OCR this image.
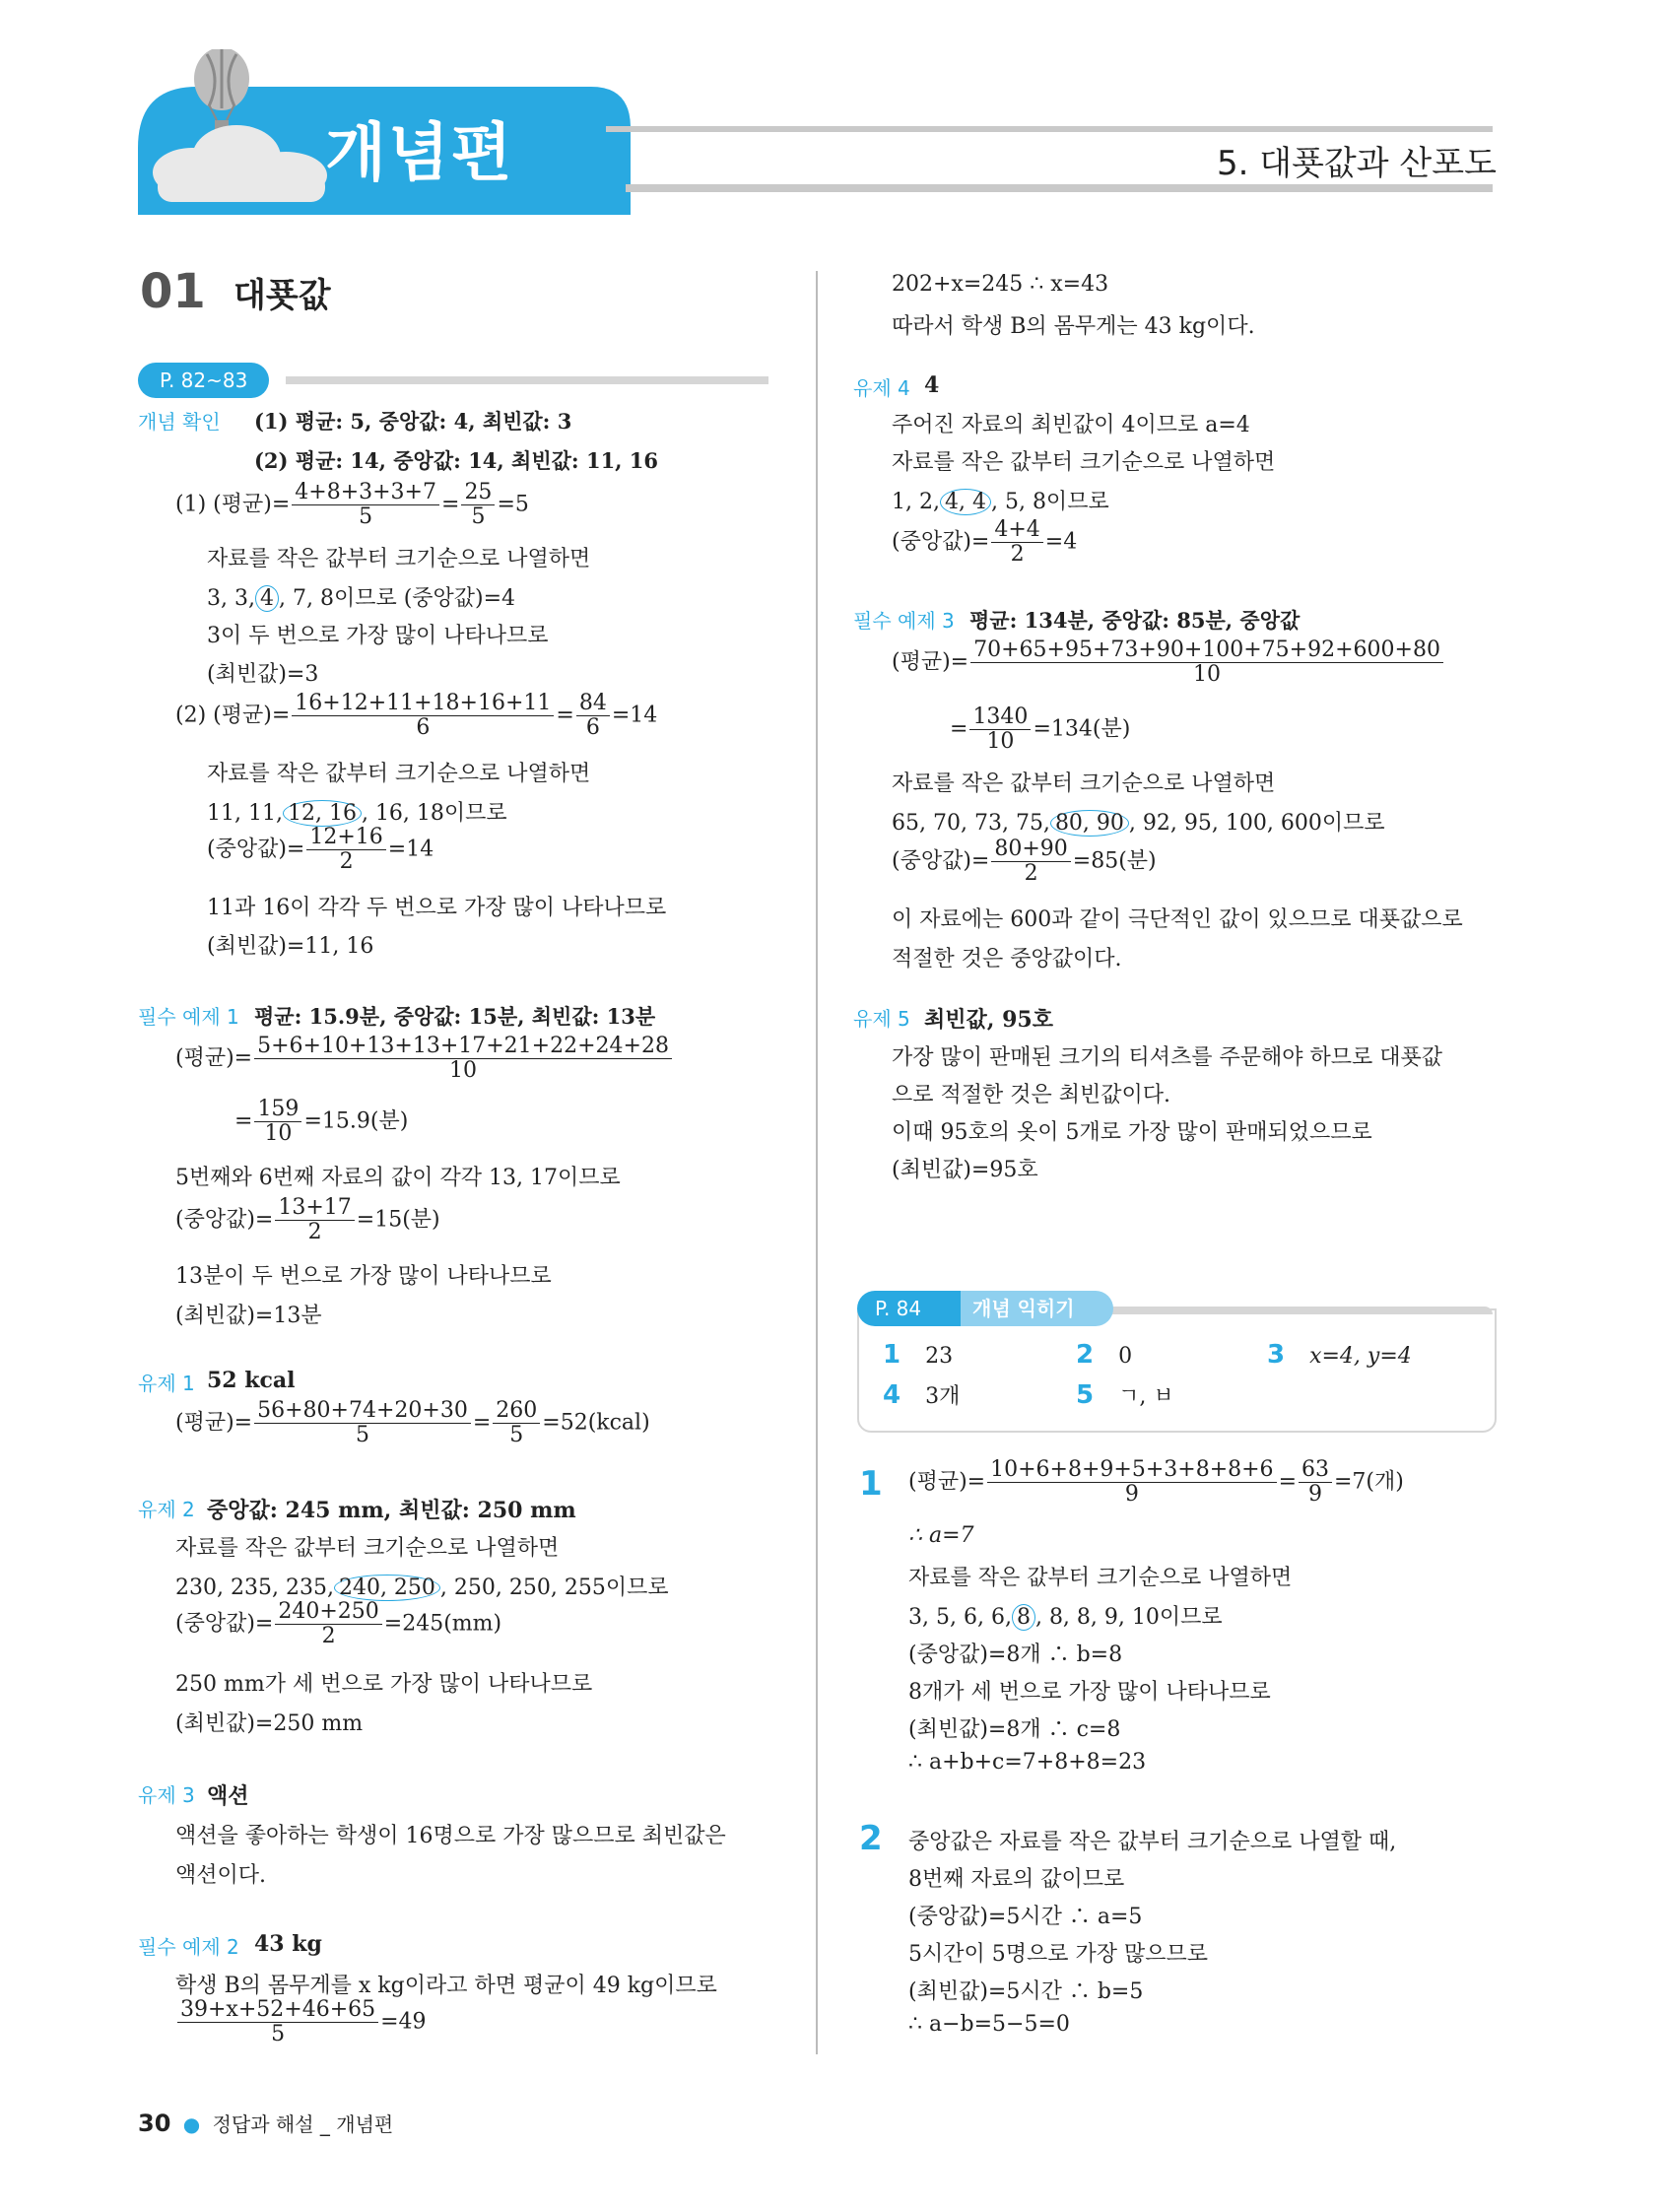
개념편	5. 대푯값과 산포도
01 대푯값
P. 82~83
개념 확인 (1) 평균: 5, 중앙값: 4, 최빈값: 3
(2) 평균: 14, 중앙값: 14, 최빈값: 11, 16
(1) (평균)= $\frac{4+8+3+3+7}{5} = \frac{25}{5} =5$
자료를 작은 값부터 크기순으로 나열하면
3, 3, 4 , 7, 8이므로 (중앙값)=4
3이 두 번으로 가장 많이 나타나므로
(최빈값)=3
(2) (평균)= $\frac{16+12+11+18+16+11}{6} = \frac{84}{6} =14$
자료를 작은 값부터 크기순으로 나열하면
11, 11, 12, 16 , 16, 18이므로
(중앙값)= $\frac{12+16}{2} =14$
11과 16이 각각 두 번으로 가장 많이 나타나므로
(최빈값)=11, 16
필수 예제 1 평균: 15.9분, 중앙값: 15분, 최빈값: 13분
(평균)= $\frac{5+6+10+13+13+17+21+22+24+28}{10}$
= $\frac{159}{10} =15.9$(분)
5번째와 6번째 자료의 값이 각각 13, 17이므로
(중앙값)= $\frac{13+17}{2} =15$(분)
13분이 두 번으로 가장 많이 나타나므로
(최빈값)=13분
유제 1 52 kcal
(평균)= $\frac{56+80+74+20+30}{5} = \frac{260}{5}$ =52(kcal)
유제 2 중앙값: 245 mm, 최빈값: 250 mm
자료를 작은 값부터 크기순으로 나열하면
230, 235, 235, 240, 250 , 250, 250, 255이므로
(중앙값)= $\frac{240+250}{2} =245(mm)$
250 mm가 세 번으로 가장 많이 나타나므로
(최빈값)=250 mm
유제 3 액션
액션을 좋아하는 학생이 16명으로 가장 많으므로 최빈값은
액션이다.
필수 예제 2 43 kg
학생 B의 몸무게를 x kg이라고 하면 평균이 49 kg이므로
$\frac{39+x+52+46+65}{5} =49$
202+x=245 ∴ x=43
따라서 학생 B의 몸무게는 43 kg이다.
유제 4 4
주어진 자료의 최빈값이 4이므로 a=4
자료를 작은 값부터 크기순으로 나열하면
1, 2, 4, 4 , 5, 8이므로
(중앙값)= $\frac{4+4}{2} =4$
필수 예제 3 평균: 134분, 중앙값: 85분, 중앙값
(평균)= $\frac{70+65+95+73+90+100+75+92+600+80}{10}$
= $\frac{1340}{10} =134$(분)
자료를 작은 값부터 크기순으로 나열하면
65, 70, 73, 75, 80, 90 , 92, 95, 100, 600이므로
(중앙값)= $\frac{80+90}{2} =85$(분)
이 자료에는 600과 같이 극단적인 값이 있으므로 대푯값으로
적절한 것은 중앙값이다.
유제 5 최빈값, 95호
가장 많이 판매된 크기의 티셔츠를 주문해야 하므로 대푯값
으로 적절한 것은 최빈값이다.
이때 95호의 옷이 5개로 가장 많이 판매되었으므로
(최빈값)=95호
P. 84	개념 익히기
1 23	2 0	3 x=4, y=4
4 3개	5 ㄱ, ㅂ
1 (평균)= $\frac{10+6+8+9+5+3+8+8+6}{9} = \frac{63}{9} =7$(개)
∴ a=7
자료를 작은 값부터 크기순으로 나열하면
3, 5, 6, 6, 8 , 8, 8, 9, 10이므로
(중앙값)=8개 ∴ b=8
8개가 세 번으로 가장 많이 나타나므로
(최빈값)=8개 ∴ c=8
∴ a+b+c=7+8+8=23
2 중앙값은 자료를 작은 값부터 크기순으로 나열할 때,
8번째 자료의 값이므로
(중앙값)=5시간 ∴ a=5
5시간이 5명으로 가장 많으므로
(최빈값)=5시간 ∴ b=5
∴ a−b=5−5=0
30 ● 정답과 해설 _ 개념편
